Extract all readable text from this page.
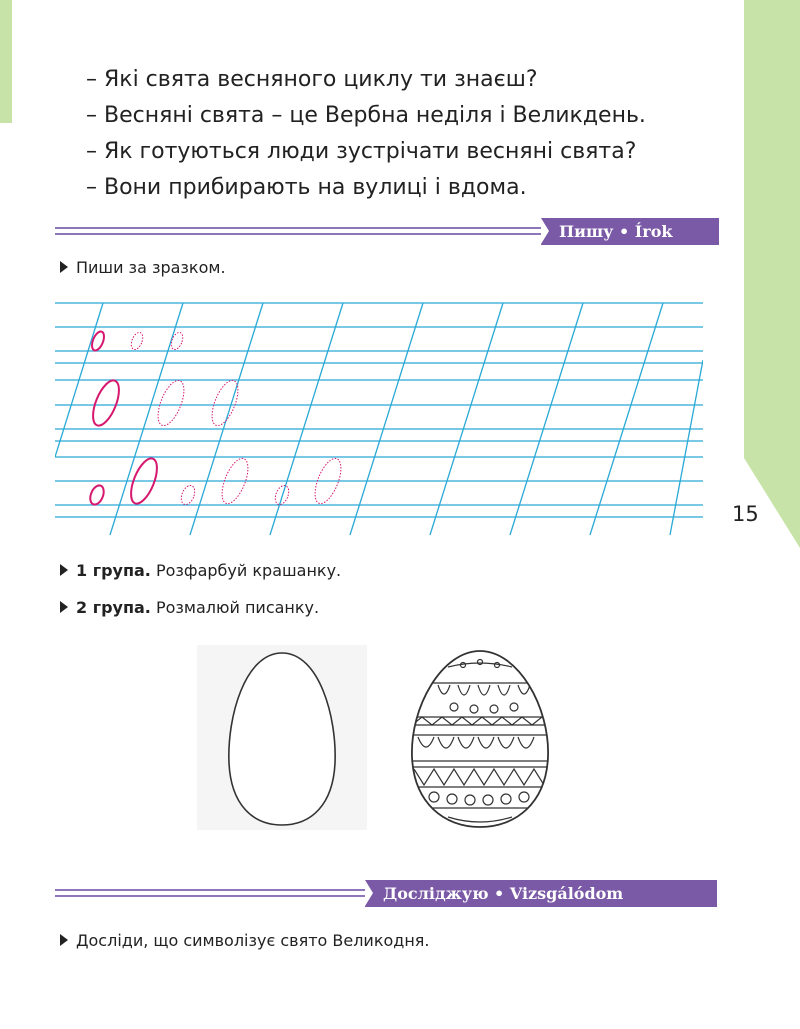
15
– Які свята весняного циклу ти знаєш?
– Весняні свята – це Вербна неділя і Великдень.
– Як готуються люди зустрічати весняні свята?
– Вони прибирають на вулиці і вдома.
Пишу • Írok
Пиши за зразком.
1 група. Розфарбуй крашанку.
2 група. Розмалюй писанку.
Досліджую • Vizsgálódom
Досліди, що символізує свято Великодня.
